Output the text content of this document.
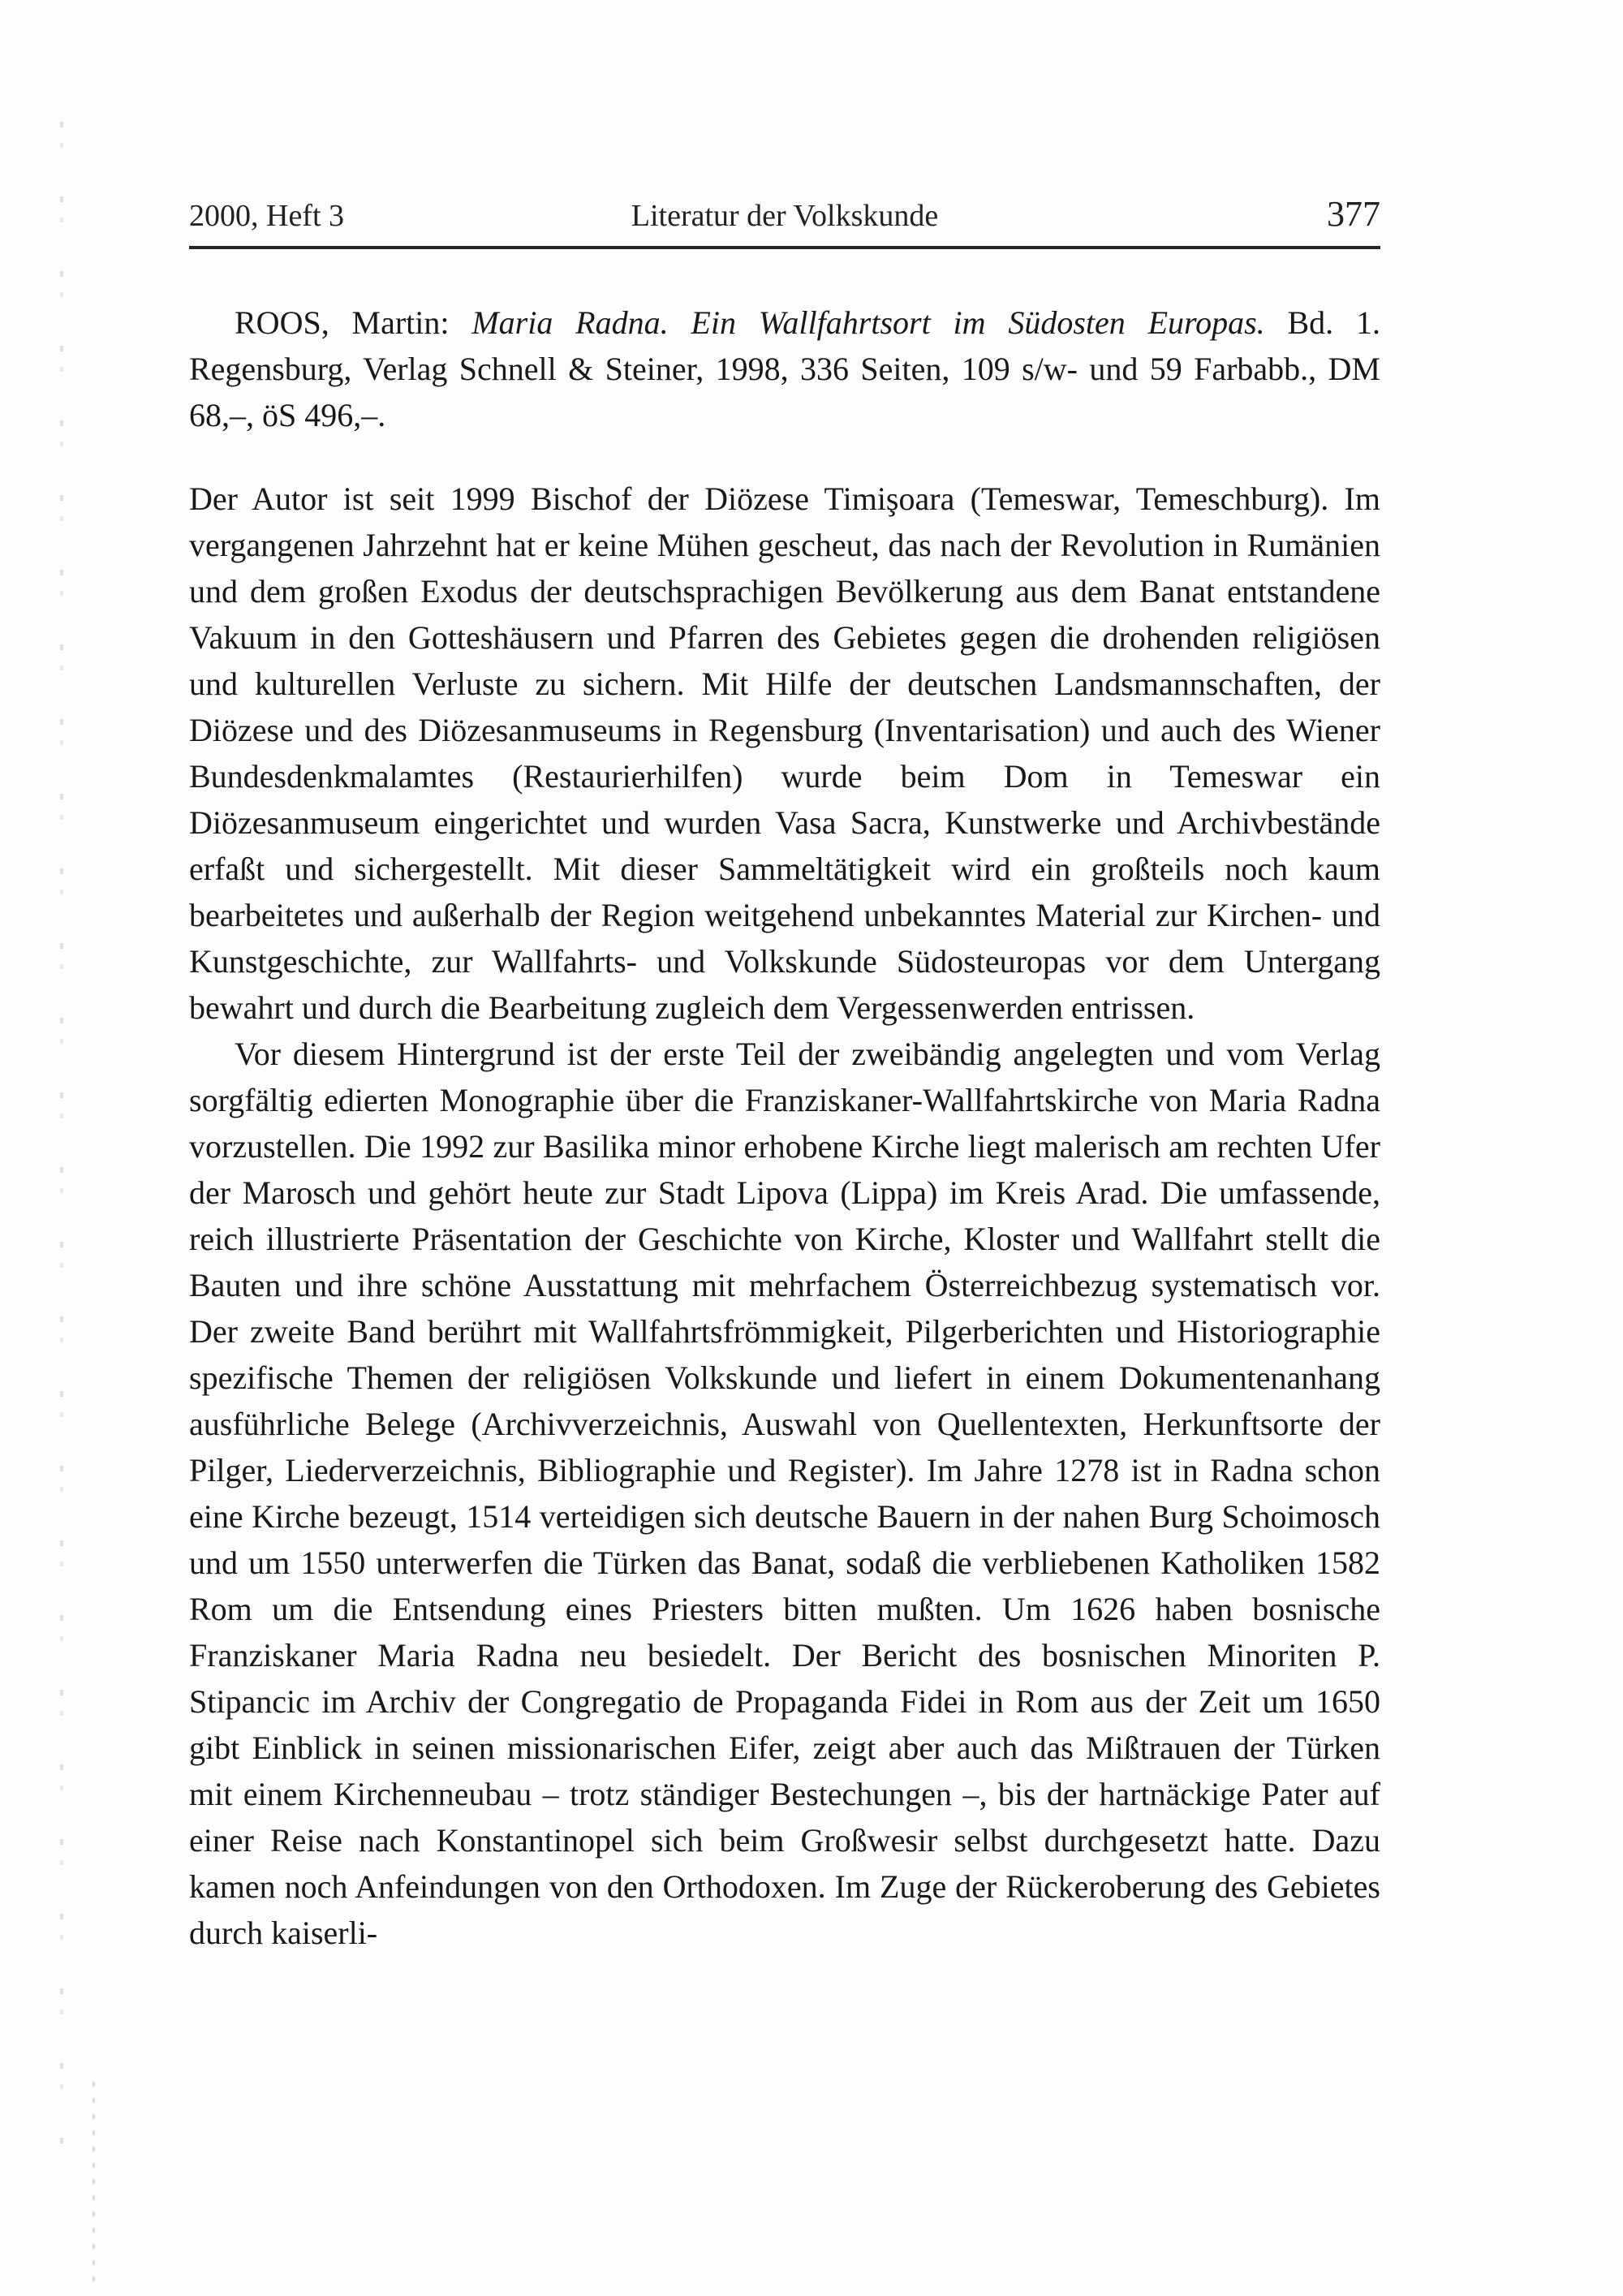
2000, Heft 3	Literatur der Volkskunde	377

ROOS, Martin: Maria Radna. Ein Wallfahrtsort im Südosten Europas. Bd. 1. Regensburg, Verlag Schnell & Steiner, 1998, 336 Seiten, 109 s/w- und 59 Farbabb., DM 68,–, öS 496,–.

Der Autor ist seit 1999 Bischof der Diözese Timişoara (Temeswar, Temeschburg). Im vergangenen Jahrzehnt hat er keine Mühen gescheut, das nach der Revolution in Rumänien und dem großen Exodus der deutschsprachigen Bevölkerung aus dem Banat entstandene Vakuum in den Gotteshäusern und Pfarren des Gebietes gegen die drohenden religiösen und kulturellen Verluste zu sichern. Mit Hilfe der deutschen Landsmannschaften, der Diözese und des Diözesanmuseums in Regensburg (Inventarisation) und auch des Wiener Bundesdenkmalamtes (Restaurierhilfen) wurde beim Dom in Temeswar ein Diözesanmuseum eingerichtet und wurden Vasa Sacra, Kunstwerke und Archivbestände erfaßt und sichergestellt. Mit dieser Sammeltätigkeit wird ein großteils noch kaum bearbeitetes und außerhalb der Region weitgehend unbekanntes Material zur Kirchen- und Kunstgeschichte, zur Wallfahrts- und Volkskunde Südosteuropas vor dem Untergang bewahrt und durch die Bearbeitung zugleich dem Vergessenwerden entrissen.

Vor diesem Hintergrund ist der erste Teil der zweibändig angelegten und vom Verlag sorgfältig edierten Monographie über die Franziskaner-Wallfahrtskirche von Maria Radna vorzustellen. Die 1992 zur Basilika minor erhobene Kirche liegt malerisch am rechten Ufer der Marosch und gehört heute zur Stadt Lipova (Lippa) im Kreis Arad. Die umfassende, reich illustrierte Präsentation der Geschichte von Kirche, Kloster und Wallfahrt stellt die Bauten und ihre schöne Ausstattung mit mehrfachem Österreichbezug systematisch vor. Der zweite Band berührt mit Wallfahrtsfrömmigkeit, Pilgerberichten und Historiographie spezifische Themen der religiösen Volkskunde und liefert in einem Dokumentenanhang ausführliche Belege (Archivverzeichnis, Auswahl von Quellentexten, Herkunftsorte der Pilger, Liederverzeichnis, Bibliographie und Register). Im Jahre 1278 ist in Radna schon eine Kirche bezeugt, 1514 verteidigen sich deutsche Bauern in der nahen Burg Schoimosch und um 1550 unterwerfen die Türken das Banat, sodaß die verbliebenen Katholiken 1582 Rom um die Entsendung eines Priesters bitten mußten. Um 1626 haben bosnische Franziskaner Maria Radna neu besiedelt. Der Bericht des bosnischen Minoriten P. Stipancic im Archiv der Congregatio de Propaganda Fidei in Rom aus der Zeit um 1650 gibt Einblick in seinen missionarischen Eifer, zeigt aber auch das Mißtrauen der Türken mit einem Kirchenneubau – trotz ständiger Bestechungen –, bis der hartnäckige Pater auf einer Reise nach Konstantinopel sich beim Großwesir selbst durchgesetzt hatte. Dazu kamen noch Anfeindungen von den Orthodoxen. Im Zuge der Rückeroberung des Gebietes durch kaiserli-
